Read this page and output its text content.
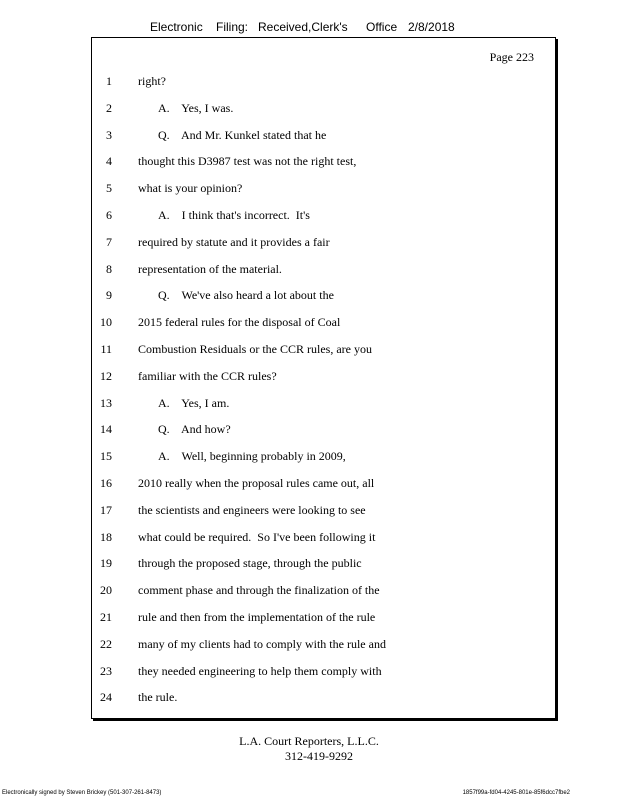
Electronic Filing: Received,Clerk's Office 2/8/2018
Page 223
1 right?
2	A.    Yes, I was.
3	Q.    And Mr. Kunkel stated that he
4 thought this D3987 test was not the right test,
5 what is your opinion?
6	A.    I think that's incorrect.  It's
7 required by statute and it provides a fair
8 representation of the material.
9	Q.    We've also heard a lot about the
10 2015 federal rules for the disposal of Coal
11 Combustion Residuals or the CCR rules, are you
12 familiar with the CCR rules?
13	A.    Yes, I am.
14	Q.    And how?
15	A.    Well, beginning probably in 2009,
16 2010 really when the proposal rules came out, all
17 the scientists and engineers were looking to see
18 what could be required.  So I've been following it
19 through the proposed stage, through the public
20 comment phase and through the finalization of the
21 rule and then from the implementation of the rule
22 many of my clients had to comply with the rule and
23 they needed engineering to help them comply with
24 the rule.
L.A. Court Reporters, L.L.C.
312-419-9292
Electronically signed by Steven Brickey (501-307-261-8473)	1857f99a-fd04-4245-801e-85f6dcc7fbe2
